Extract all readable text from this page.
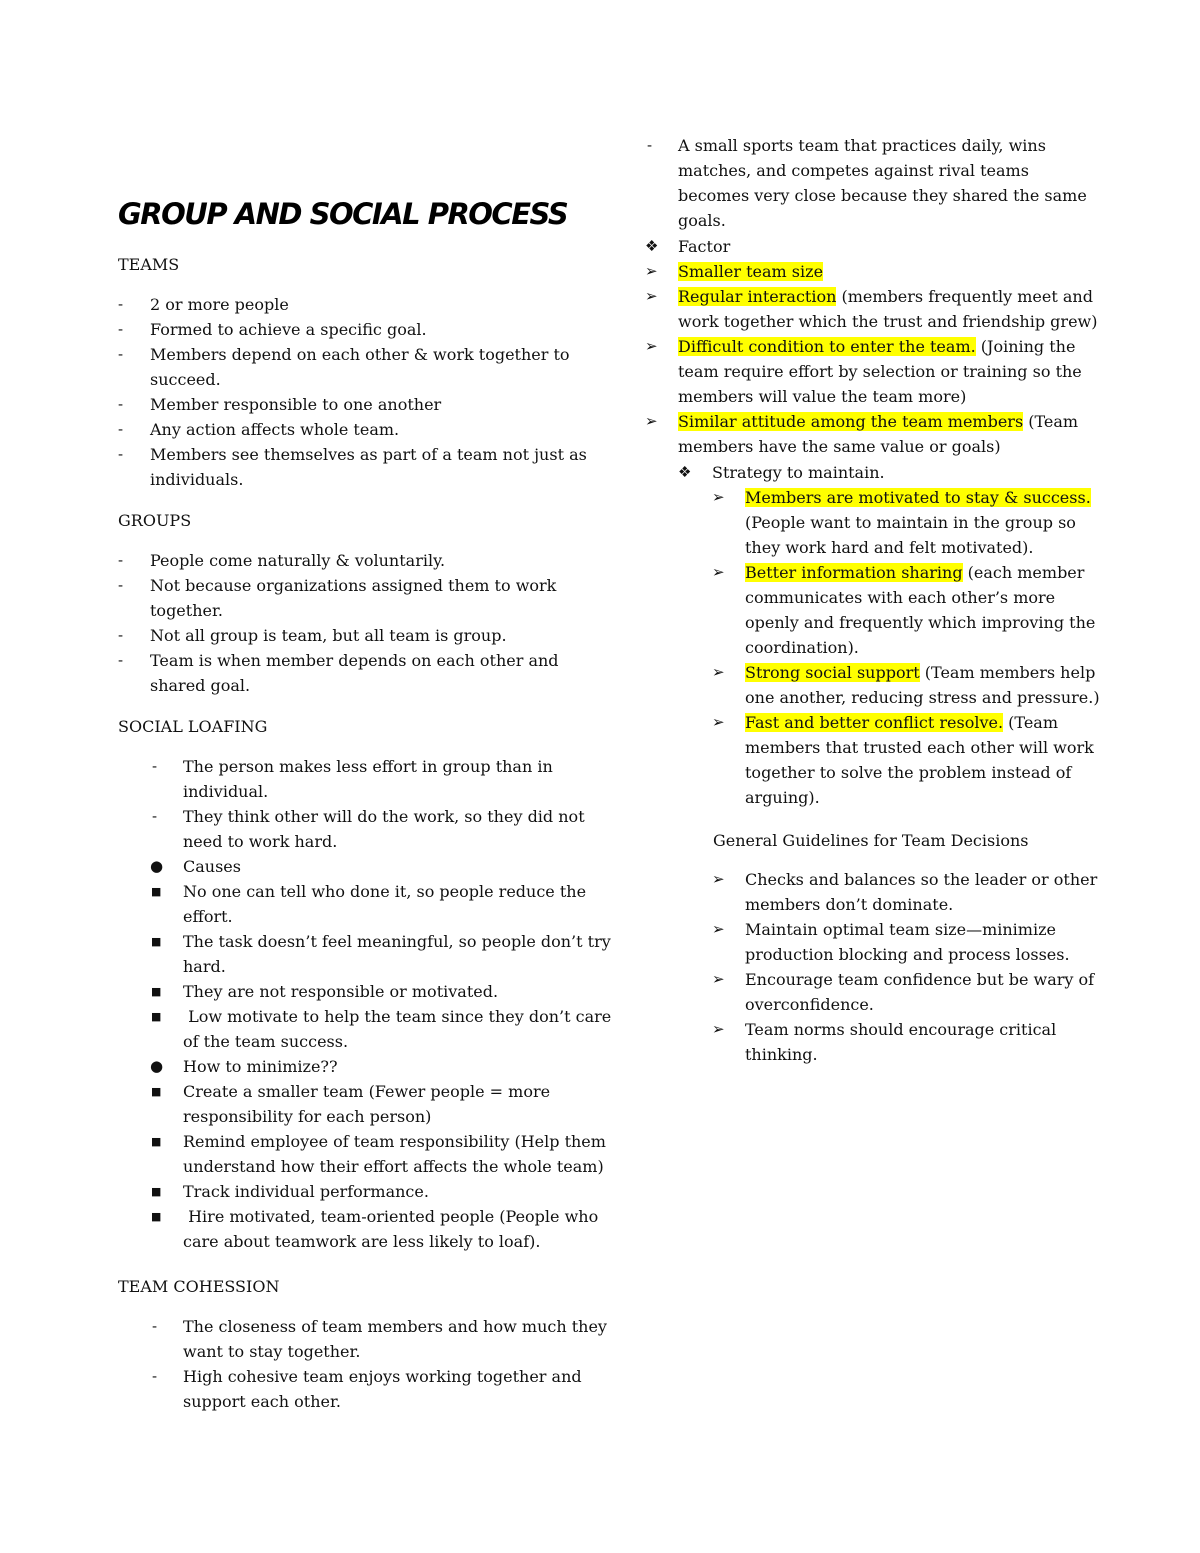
GROUP AND SOCIAL PROCESS

TEAMS

- 2 or more people
- Formed to achieve a specific goal.
- Members depend on each other & work together to succeed.
- Member responsible to one another
- Any action affects whole team.
- Members see themselves as part of a team not just as individuals.

GROUPS

- People come naturally & voluntarily.
- Not because organizations assigned them to work together.
- Not all group is team, but all team is group.
- Team is when member depends on each other and shared goal.

SOCIAL LOAFING

- The person makes less effort in group than in individual.
- They think other will do the work, so they did not need to work hard.
● Causes
■ No one can tell who done it, so people reduce the effort.
■ The task doesn’t feel meaningful, so people don’t try hard.
■ They are not responsible or motivated.
■ Low motivate to help the team since they don’t care of the team success.
● How to minimize??
■ Create a smaller team (Fewer people = more responsibility for each person)
■ Remind employee of team responsibility (Help them understand how their effort affects the whole team)
■ Track individual performance.
■ Hire motivated, team-oriented people (People who care about teamwork are less likely to loaf).

TEAM COHESSION

- The closeness of team members and how much they want to stay together.
- High cohesive team enjoys working together and support each other.
- A small sports team that practices daily, wins matches, and competes against rival teams becomes very close because they shared the same goals.
❖ Factor
➢ Smaller team size
➢ Regular interaction (members frequently meet and work together which the trust and friendship grew)
➢ Difficult condition to enter the team. (Joining the team require effort by selection or training so the members will value the team more)
➢ Similar attitude among the team members (Team members have the same value or goals)
❖ Strategy to maintain.
➢ Members are motivated to stay & success. (People want to maintain in the group so they work hard and felt motivated).
➢ Better information sharing (each member communicates with each other’s more openly and frequently which improving the coordination).
➢ Strong social support (Team members help one another, reducing stress and pressure.)
➢ Fast and better conflict resolve. (Team members that trusted each other will work together to solve the problem instead of arguing).

General Guidelines for Team Decisions

➢ Checks and balances so the leader or other members don’t dominate.
➢ Maintain optimal team size—minimize production blocking and process losses.
➢ Encourage team confidence but be wary of overconfidence.
➢ Team norms should encourage critical thinking.
